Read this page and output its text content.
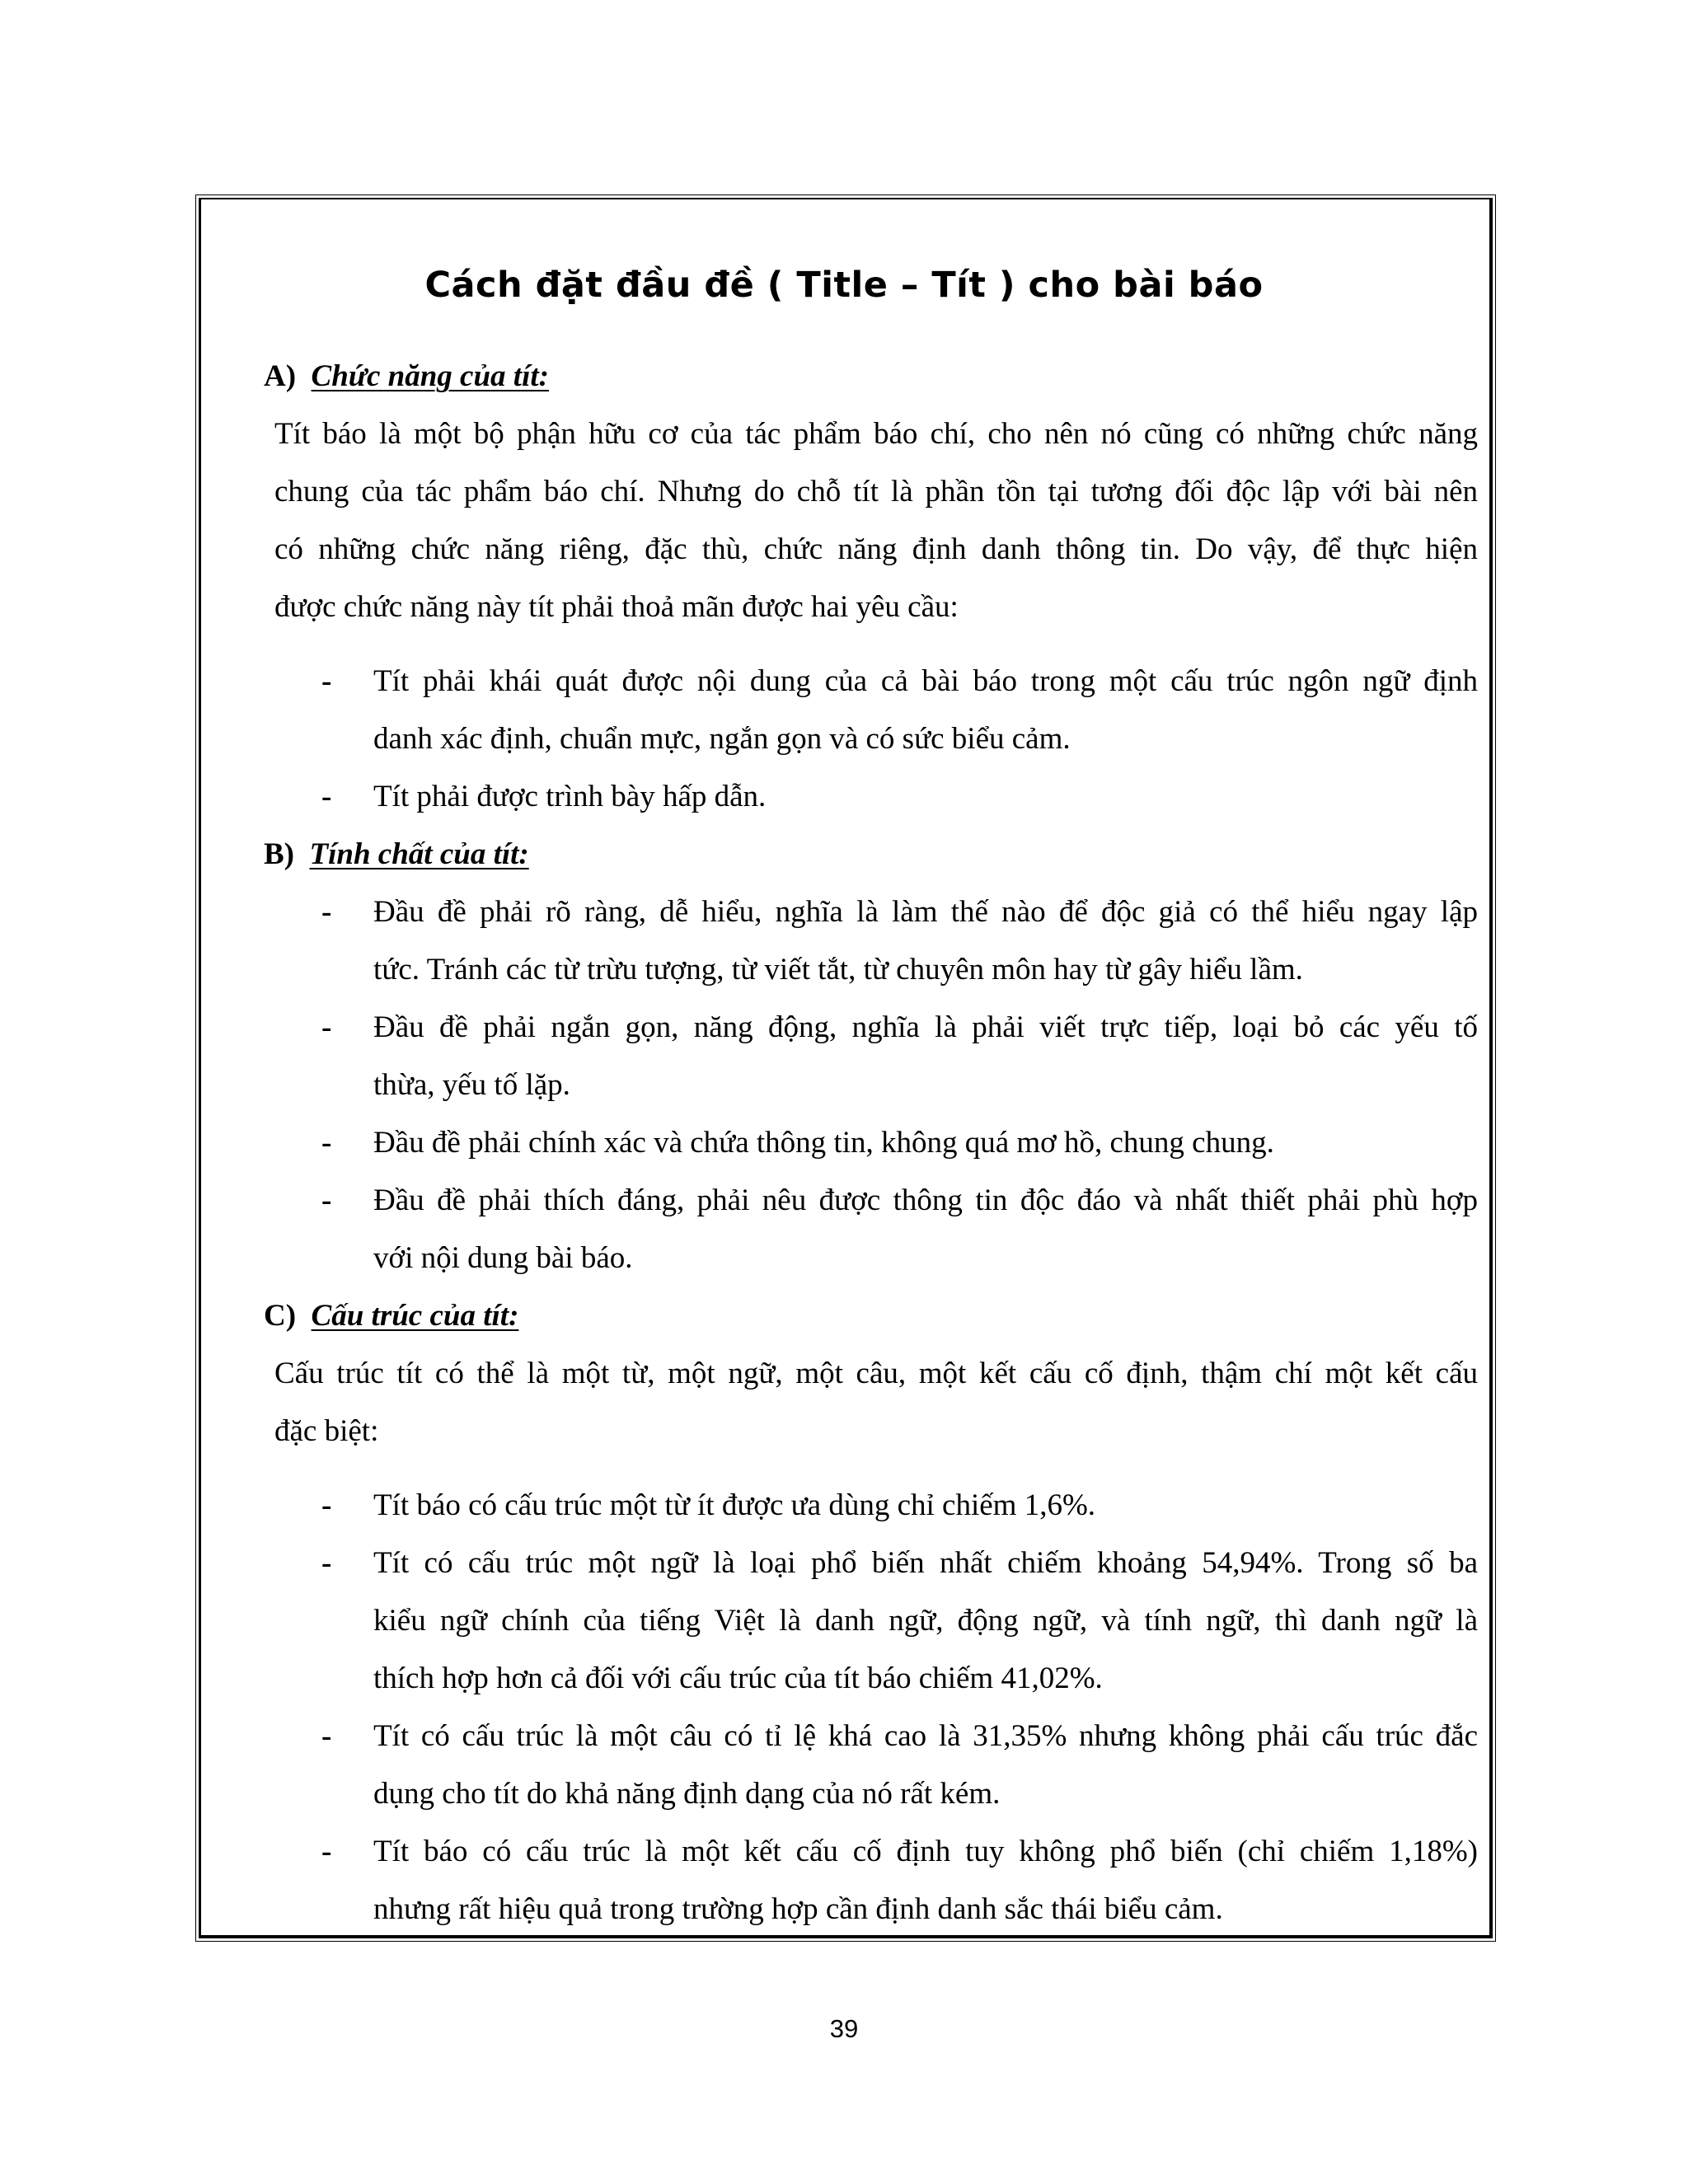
Cách đặt đầu đề ( Title – Tít ) cho bài báo
A) Chức năng của tít:
Tít báo là một bộ phận hữu cơ của tác phẩm báo chí, cho nên nó cũng có những chức năng
chung của tác phẩm báo chí. Nhưng do chỗ tít là phần tồn tại tương đối độc lập với bài nên
có những chức năng riêng, đặc thù, chức năng định danh thông tin. Do vậy, để thực hiện
được chức năng này tít phải thoả mãn được hai yêu cầu:
- Tít phải khái quát được nội dung của cả bài báo trong một cấu trúc ngôn ngữ định
danh xác định, chuẩn mực, ngắn gọn và có sức biểu cảm.
- Tít phải được trình bày hấp dẫn.
B) Tính chất của tít:
- Đầu đề phải rõ ràng, dễ hiểu, nghĩa là làm thế nào để độc giả có thể hiểu ngay lập
tức. Tránh các từ trừu tượng, từ viết tắt, từ chuyên môn hay từ gây hiểu lầm.
- Đầu đề phải ngắn gọn, năng động, nghĩa là phải viết trực tiếp, loại bỏ các yếu tố
thừa, yếu tố lặp.
- Đầu đề phải chính xác và chứa thông tin, không quá mơ hồ, chung chung.
- Đầu đề phải thích đáng, phải nêu được thông tin độc đáo và nhất thiết phải phù hợp
với nội dung bài báo.
C) Cấu trúc của tít:
Cấu trúc tít có thể là một từ, một ngữ, một câu, một kết cấu cố định, thậm chí một kết cấu
đặc biệt:
- Tít báo có cấu trúc một từ ít được ưa dùng chỉ chiếm 1,6%.
- Tít có cấu trúc một ngữ là loại phổ biến nhất chiếm khoảng 54,94%. Trong số ba
kiểu ngữ chính của tiếng Việt là danh ngữ, động ngữ, và tính ngữ, thì danh ngữ là
thích hợp hơn cả đối với cấu trúc của tít báo chiếm 41,02%.
- Tít có cấu trúc là một câu có tỉ lệ khá cao là 31,35% nhưng không phải cấu trúc đắc
dụng cho tít do khả năng định dạng của nó rất kém.
- Tít báo có cấu trúc là một kết cấu cố định tuy không phổ biến (chỉ chiếm 1,18%)
nhưng rất hiệu quả trong trường hợp cần định danh sắc thái biểu cảm.
39
